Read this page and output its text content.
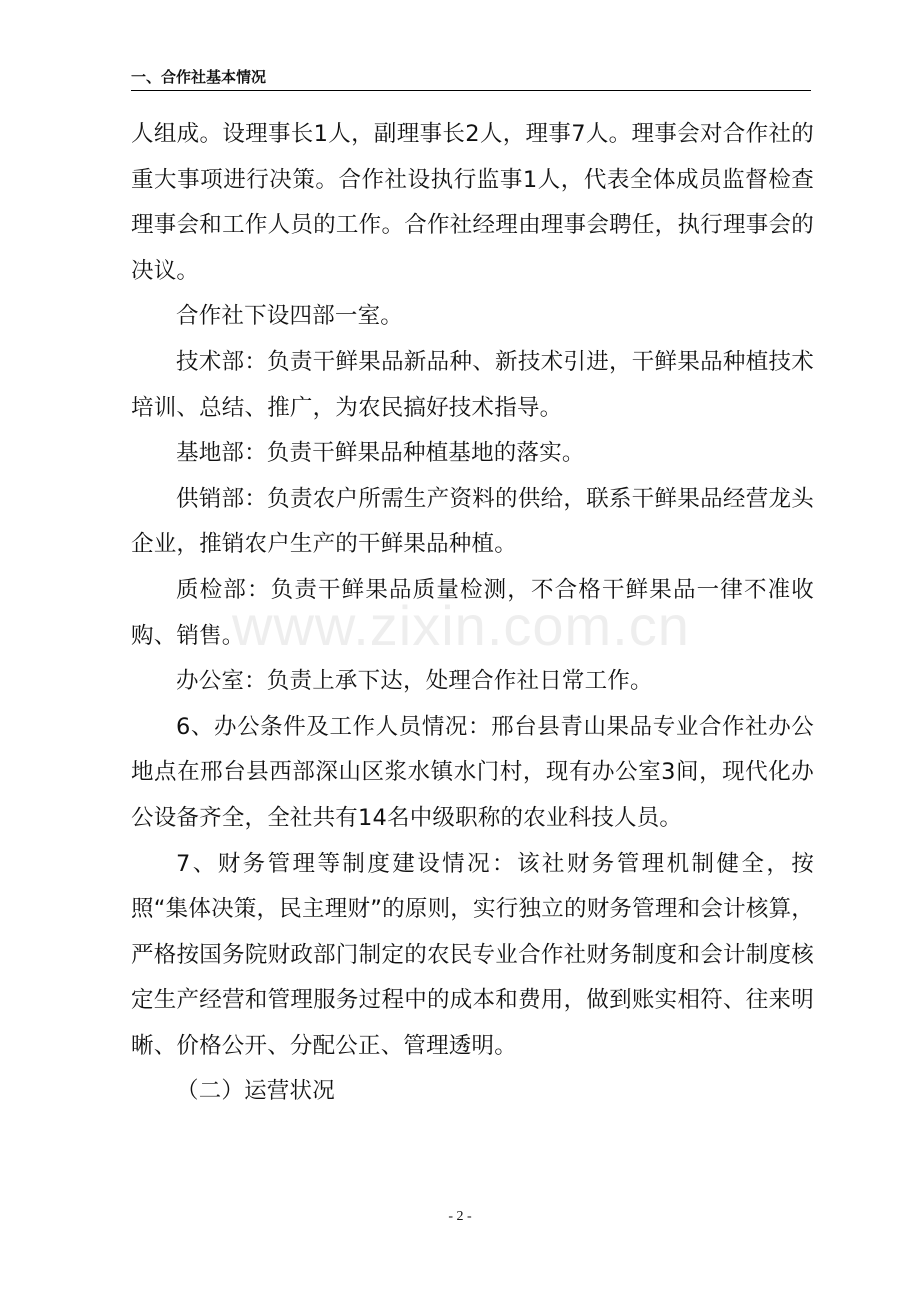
一、合作社基本情况

人组成。设理事长1人，副理事长2人，理事7人。理事会对合作社的重大事项进行决策。合作社设执行监事1人，代表全体成员监督检查理事会和工作人员的工作。合作社经理由理事会聘任，执行理事会的决议。

合作社下设四部一室。

技术部：负责干鲜果品新品种、新技术引进，干鲜果品种植技术培训、总结、推广，为农民搞好技术指导。

基地部：负责干鲜果品种植基地的落实。

供销部：负责农户所需生产资料的供给，联系干鲜果品经营龙头企业，推销农户生产的干鲜果品种植。

质检部：负责干鲜果品质量检测，不合格干鲜果品一律不准收购、销售。

办公室：负责上承下达，处理合作社日常工作。

6、办公条件及工作人员情况：邢台县青山果品专业合作社办公地点在邢台县西部深山区浆水镇水门村，现有办公室3间，现代化办公设备齐全，全社共有14名中级职称的农业科技人员。

7、财务管理等制度建设情况：该社财务管理机制健全，按照“集体决策，民主理财”的原则，实行独立的财务管理和会计核算，严格按国务院财政部门制定的农民专业合作社财务制度和会计制度核定生产经营和管理服务过程中的成本和费用，做到账实相符、往来明晰、价格公开、分配公正、管理透明。

（二）运营状况

www.zixin.com.cn
- 2 -
